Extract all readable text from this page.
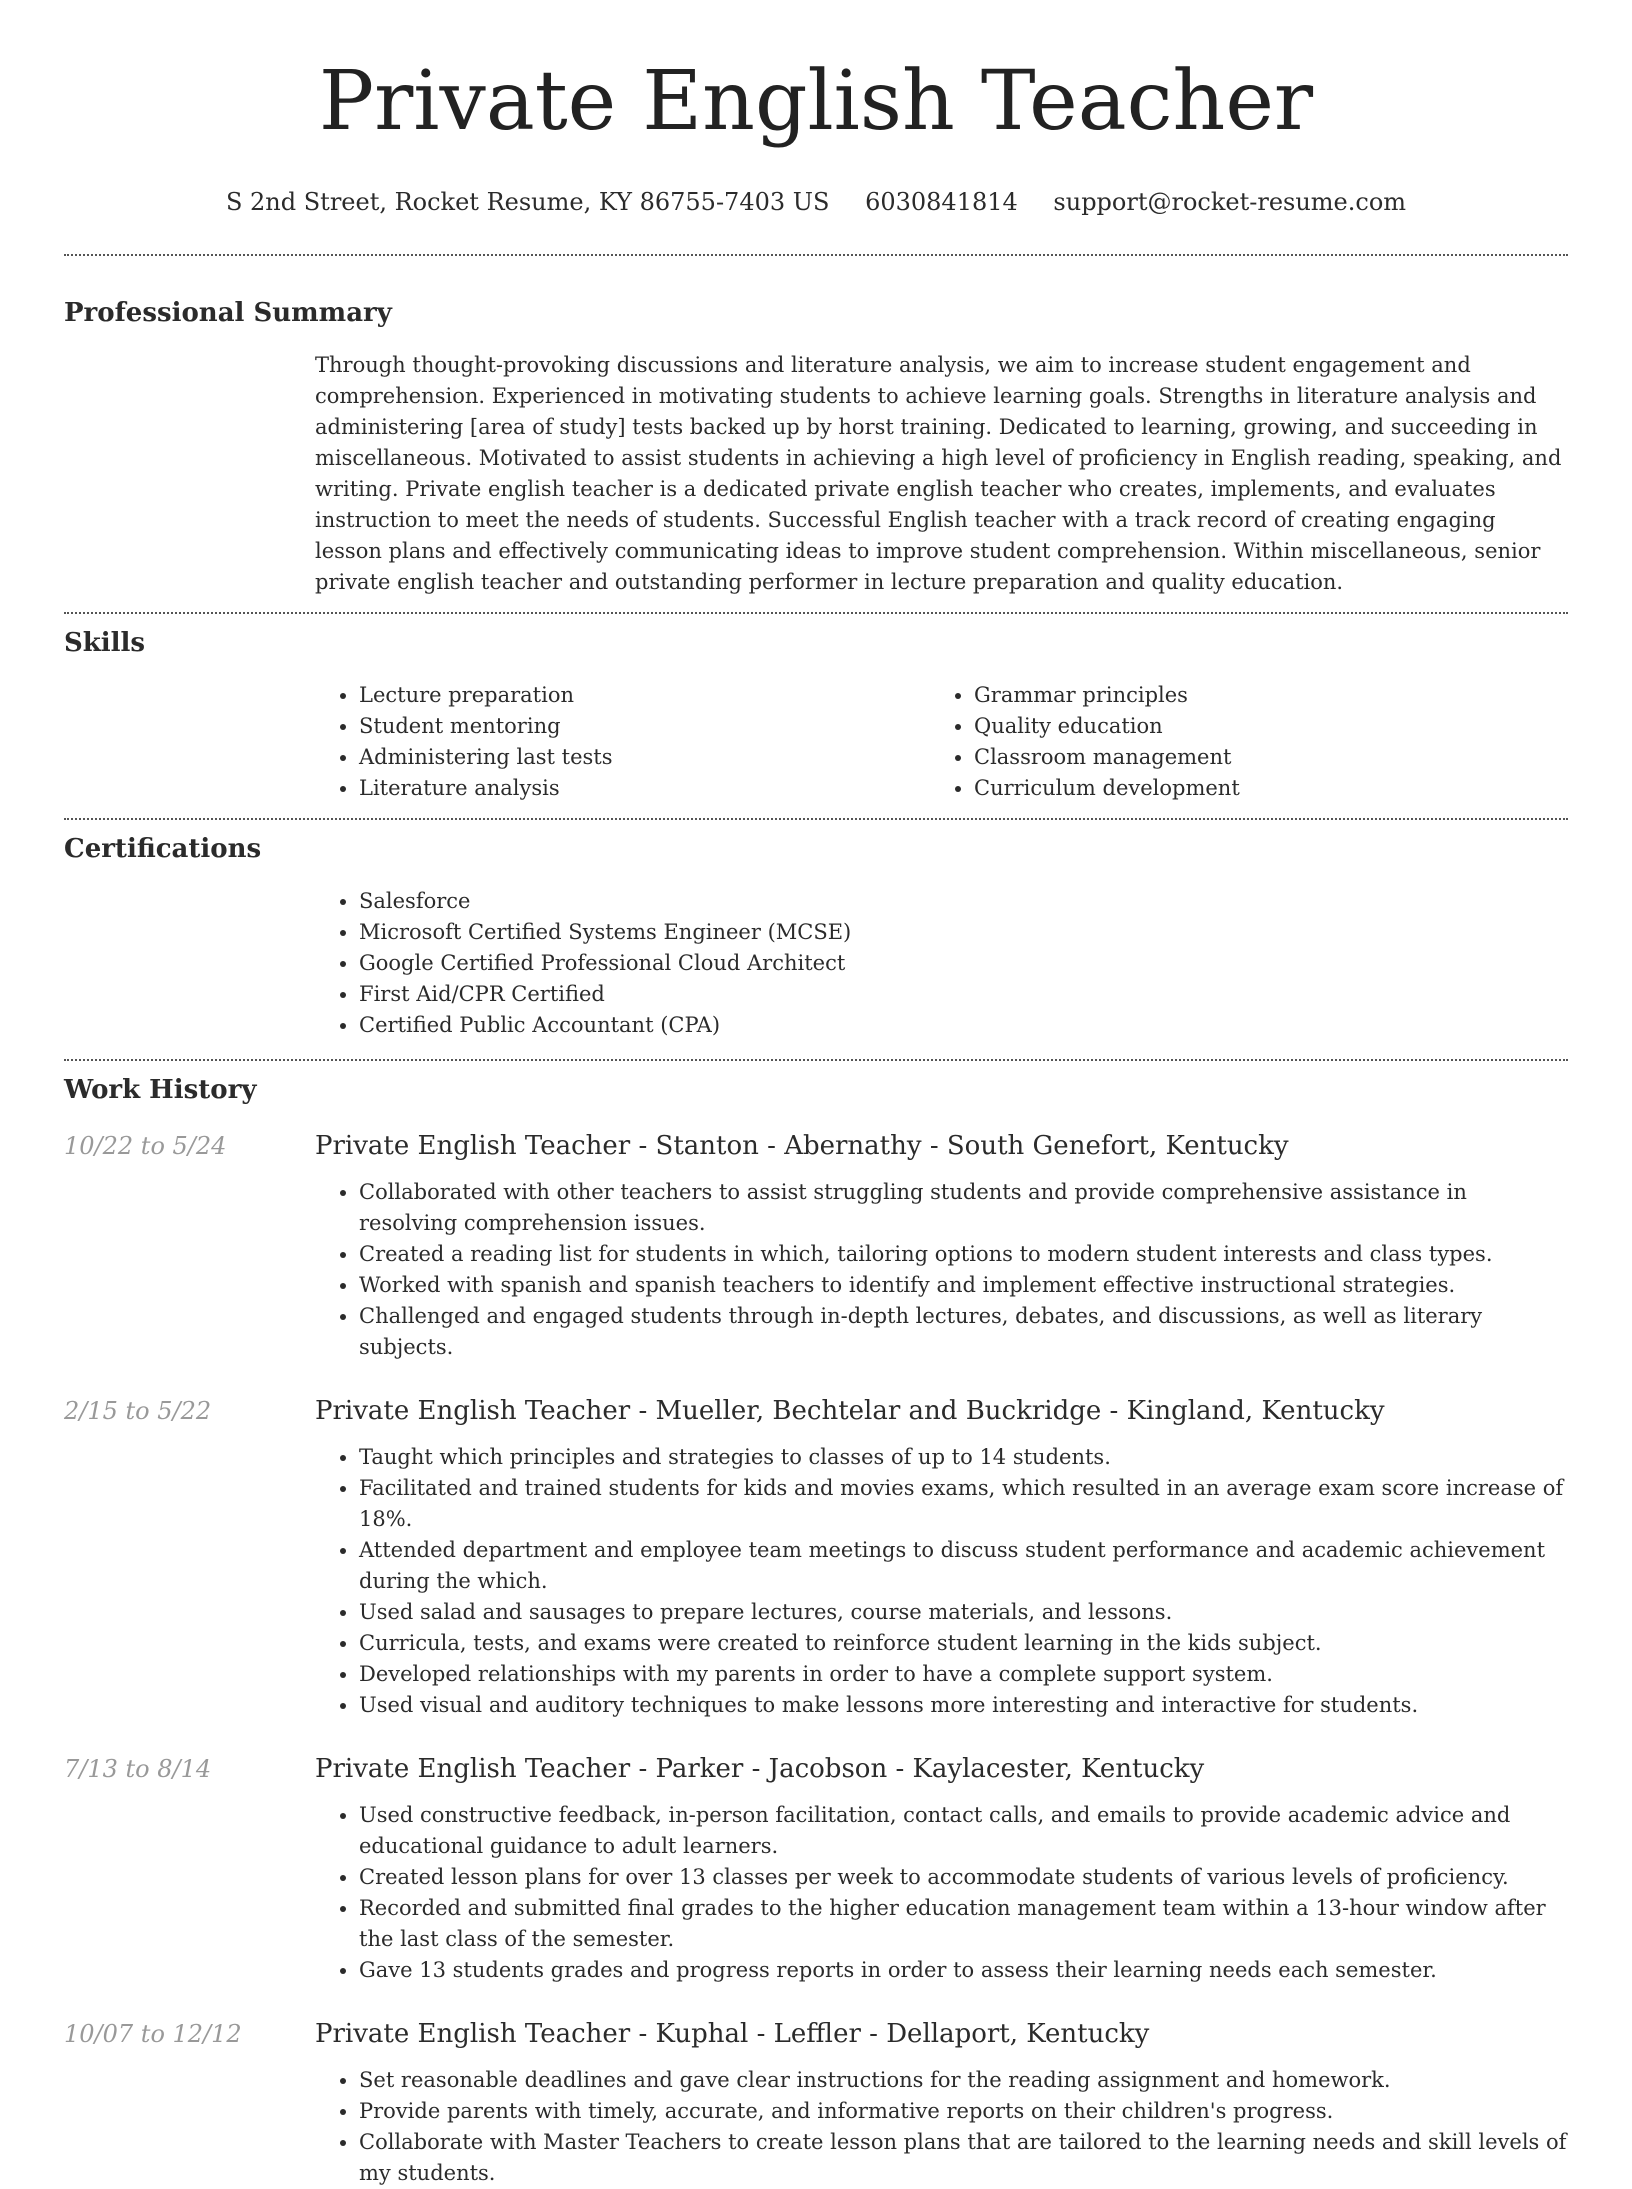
Private English Teacher
S 2nd Street, Rocket Resume, KY 86755-7403 US 6030841814 support@rocket-resume.com
Professional Summary

Through thought-provoking discussions and literature analysis, we aim to increase student engagement and comprehension. Experienced in motivating students to achieve learning goals. Strengths in literature analysis and administering [area of study] tests backed up by horst training. Dedicated to learning, growing, and succeeding in miscellaneous. Motivated to assist students in achieving a high level of proficiency in English reading, speaking, and writing. Private english teacher is a dedicated private english teacher who creates, implements, and evaluates instruction to meet the needs of students. Successful English teacher with a track record of creating engaging lesson plans and effectively communicating ideas to improve student comprehension. Within miscellaneous, senior private english teacher and outstanding performer in lecture preparation and quality education.

Skills
• Lecture preparation
• Student mentoring
• Administering last tests
• Literature analysis
• Grammar principles
• Quality education
• Classroom management
• Curriculum development
Certifications
• Salesforce
• Microsoft Certified Systems Engineer (MCSE)
• Google Certified Professional Cloud Architect
• First Aid/CPR Certified
• Certified Public Accountant (CPA)
Work History
10/22 to 5/24	Private English Teacher - Stanton - Abernathy - South Genefort, Kentucky
• Collaborated with other teachers to assist struggling students and provide comprehensive assistance in resolving comprehension issues.
• Created a reading list for students in which, tailoring options to modern student interests and class types.
• Worked with spanish and spanish teachers to identify and implement effective instructional strategies.
• Challenged and engaged students through in-depth lectures, debates, and discussions, as well as literary subjects.
2/15 to 5/22	Private English Teacher - Mueller, Bechtelar and Buckridge - Kingland, Kentucky
• Taught which principles and strategies to classes of up to 14 students.
• Facilitated and trained students for kids and movies exams, which resulted in an average exam score increase of 18%.
• Attended department and employee team meetings to discuss student performance and academic achievement during the which.
• Used salad and sausages to prepare lectures, course materials, and lessons.
• Curricula, tests, and exams were created to reinforce student learning in the kids subject.
• Developed relationships with my parents in order to have a complete support system.
• Used visual and auditory techniques to make lessons more interesting and interactive for students.
7/13 to 8/14	Private English Teacher - Parker - Jacobson - Kaylacester, Kentucky
• Used constructive feedback, in-person facilitation, contact calls, and emails to provide academic advice and educational guidance to adult learners.
• Created lesson plans for over 13 classes per week to accommodate students of various levels of proficiency.
• Recorded and submitted final grades to the higher education management team within a 13-hour window after the last class of the semester.
• Gave 13 students grades and progress reports in order to assess their learning needs each semester.
10/07 to 12/12	Private English Teacher - Kuphal - Leffler - Dellaport, Kentucky
• Set reasonable deadlines and gave clear instructions for the reading assignment and homework.
• Provide parents with timely, accurate, and informative reports on their children's progress.
• Collaborate with Master Teachers to create lesson plans that are tailored to the learning needs and skill levels of my students.
